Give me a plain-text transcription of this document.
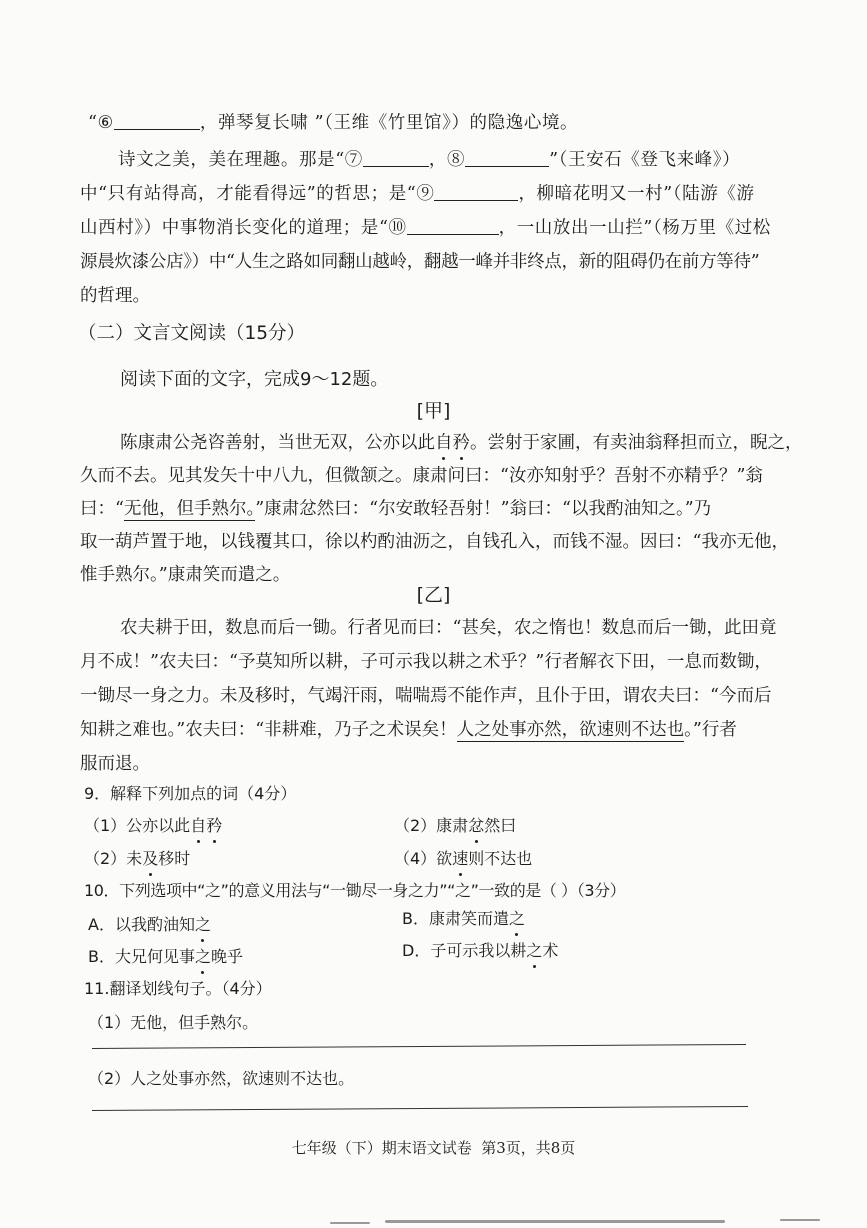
“⑥	，弹琴复长啸 ”（王维《竹里馆》）的隐逸心境。
诗文之美，美在理趣。那是“⑦	，⑧	”（王安石《登飞来峰》）
中“只有站得高，才能看得远”的哲思；是“⑨	，柳暗花明又一村”（陆游《游
山西村》）中事物消长变化的道理；是“⑩	，一山放出一山拦”（杨万里《过松
源晨炊漆公店》）中“人生之路如同翻山越岭，翻越一峰并非终点，新的阻碍仍在前方等待”
的哲理。
（二）文言文阅读（15分）
阅读下面的文字，完成9～12题。
[甲]
陈康肃公尧咨善射，当世无双，公亦以此自矜。尝射于家圃，有卖油翁释担而立，睨之，
久而不去。见其发矢十中八九，但微颔之。康肃问曰：“汝亦知射乎？吾射不亦精乎？”翁
曰：“无他，但手熟尔。”康肃忿然曰：“尔安敢轻吾射！”翁曰：“以我酌油知之。”乃
取一葫芦置于地，以钱覆其口，徐以杓酌油沥之，自钱孔入，而钱不湿。因曰：“我亦无他，
惟手熟尔。”康肃笑而遣之。
[乙]
农夫耕于田，数息而后一锄。行者见而曰：“甚矣，农之惰也！数息而后一锄，此田竟
月不成！”农夫曰：“予莫知所以耕，子可示我以耕之术乎？”行者解衣下田，一息而数锄，
一锄尽一身之力。未及移时，气竭汗雨，喘喘焉不能作声，且仆于田，谓农夫曰：“今而后
知耕之难也。”农夫曰：“非耕难，乃子之术误矣！人之处事亦然，欲速则不达也。”行者
服而退。
9．解释下列加点的词（4分）
（1）公亦以此自矜	（2）康肃忿然曰
（2）未及移时	（4）欲速则不达也
10．下列选项中“之”的意义用法与“一锄尽一身之力”“之”一致的是（ ）（3分）
A．以我酌油知之	B．康肃笑而遣之
B．大兄何见事之晚乎	D．子可示我以耕之术
11.翻译划线句子。（4分）
（1）无他，但手熟尔。
（2）人之处事亦然，欲速则不达也。
七年级（下）期末语文试卷  第3页，共8页
